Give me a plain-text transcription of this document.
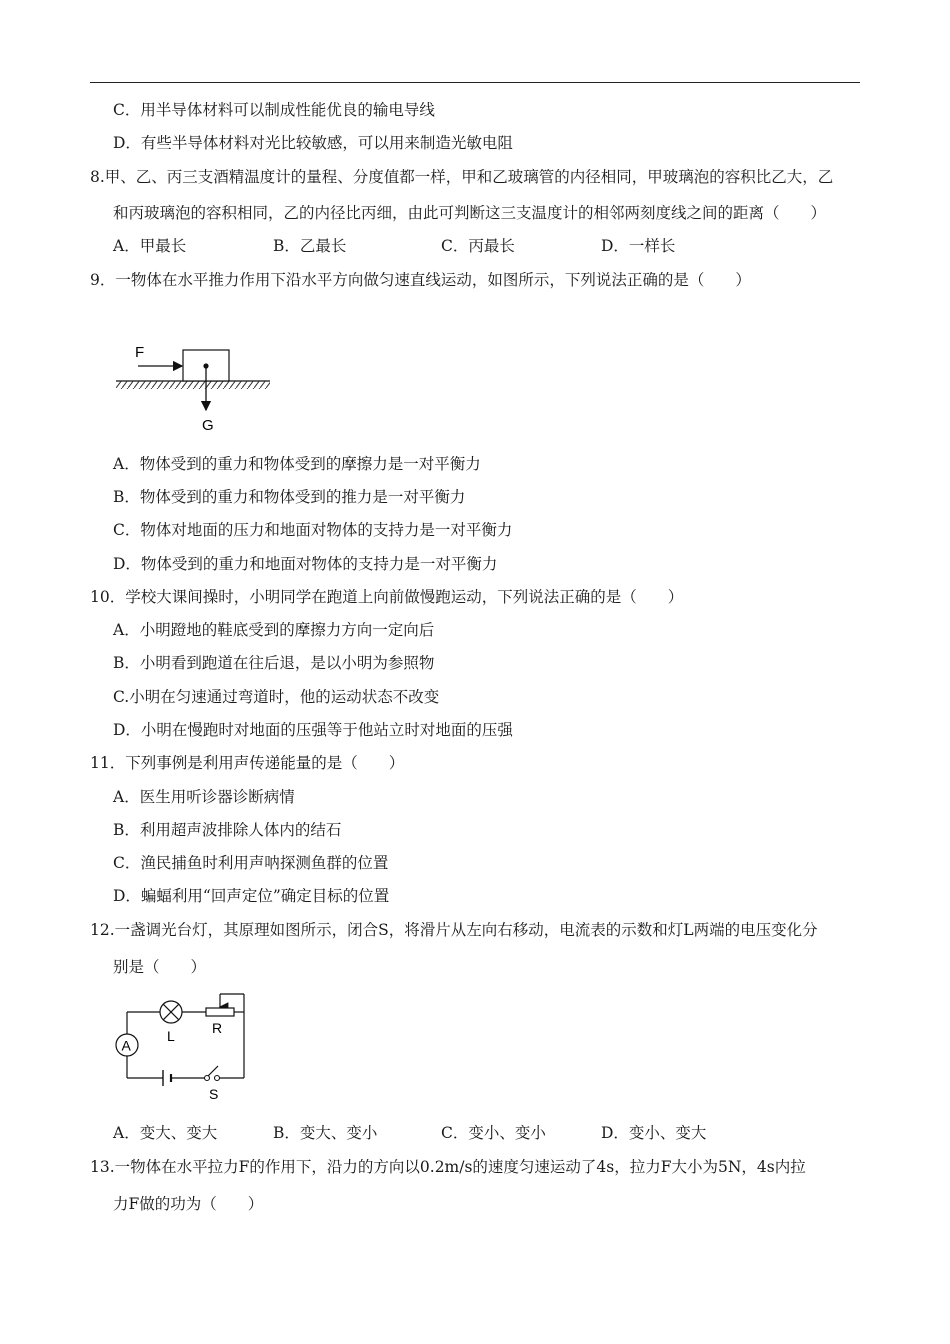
C．用半导体材料可以制成性能优良的输电导线
D．有些半导体材料对光比较敏感，可以用来制造光敏电阻
8.甲、乙、丙三支酒精温度计的量程、分度值都一样，甲和乙玻璃管的内径相同，甲玻璃泡的容积比乙大，乙
和丙玻璃泡的容积相同，乙的内径比丙细，由此可判断这三支温度计的相邻两刻度线之间的距离（　　）
A．甲最长	B．乙最长	C．丙最长	D．一样长
9．一物体在水平推力作用下沿水平方向做匀速直线运动，如图所示，下列说法正确的是（　　）
F
G
A．物体受到的重力和物体受到的摩擦力是一对平衡力
B．物体受到的重力和物体受到的推力是一对平衡力
C．物体对地面的压力和地面对物体的支持力是一对平衡力
D．物体受到的重力和地面对物体的支持力是一对平衡力
10．学校大课间操时，小明同学在跑道上向前做慢跑运动，下列说法正确的是（　　）
A．小明蹬地的鞋底受到的摩擦力方向一定向后
B．小明看到跑道在往后退，是以小明为参照物
C.小明在匀速通过弯道时，他的运动状态不改变
D．小明在慢跑时对地面的压强等于他站立时对地面的压强
11．下列事例是利用声传递能量的是（　　）
A．医生用听诊器诊断病情
B．利用超声波排除人体内的结石
C．渔民捕鱼时利用声呐探测鱼群的位置
D．蝙蝠利用“回声定位”确定目标的位置
12.一盏调光台灯，其原理如图所示，闭合S，将滑片从左向右移动，电流表的示数和灯L两端的电压变化分
别是（　　）
A
L	R
S
A．变大、变大	B．变大、变小	C．变小、变小	D．变小、变大
13.一物体在水平拉力F的作用下，沿力的方向以0.2m/s的速度匀速运动了4s，拉力F大小为5N，4s内拉
力F做的功为（　　）
